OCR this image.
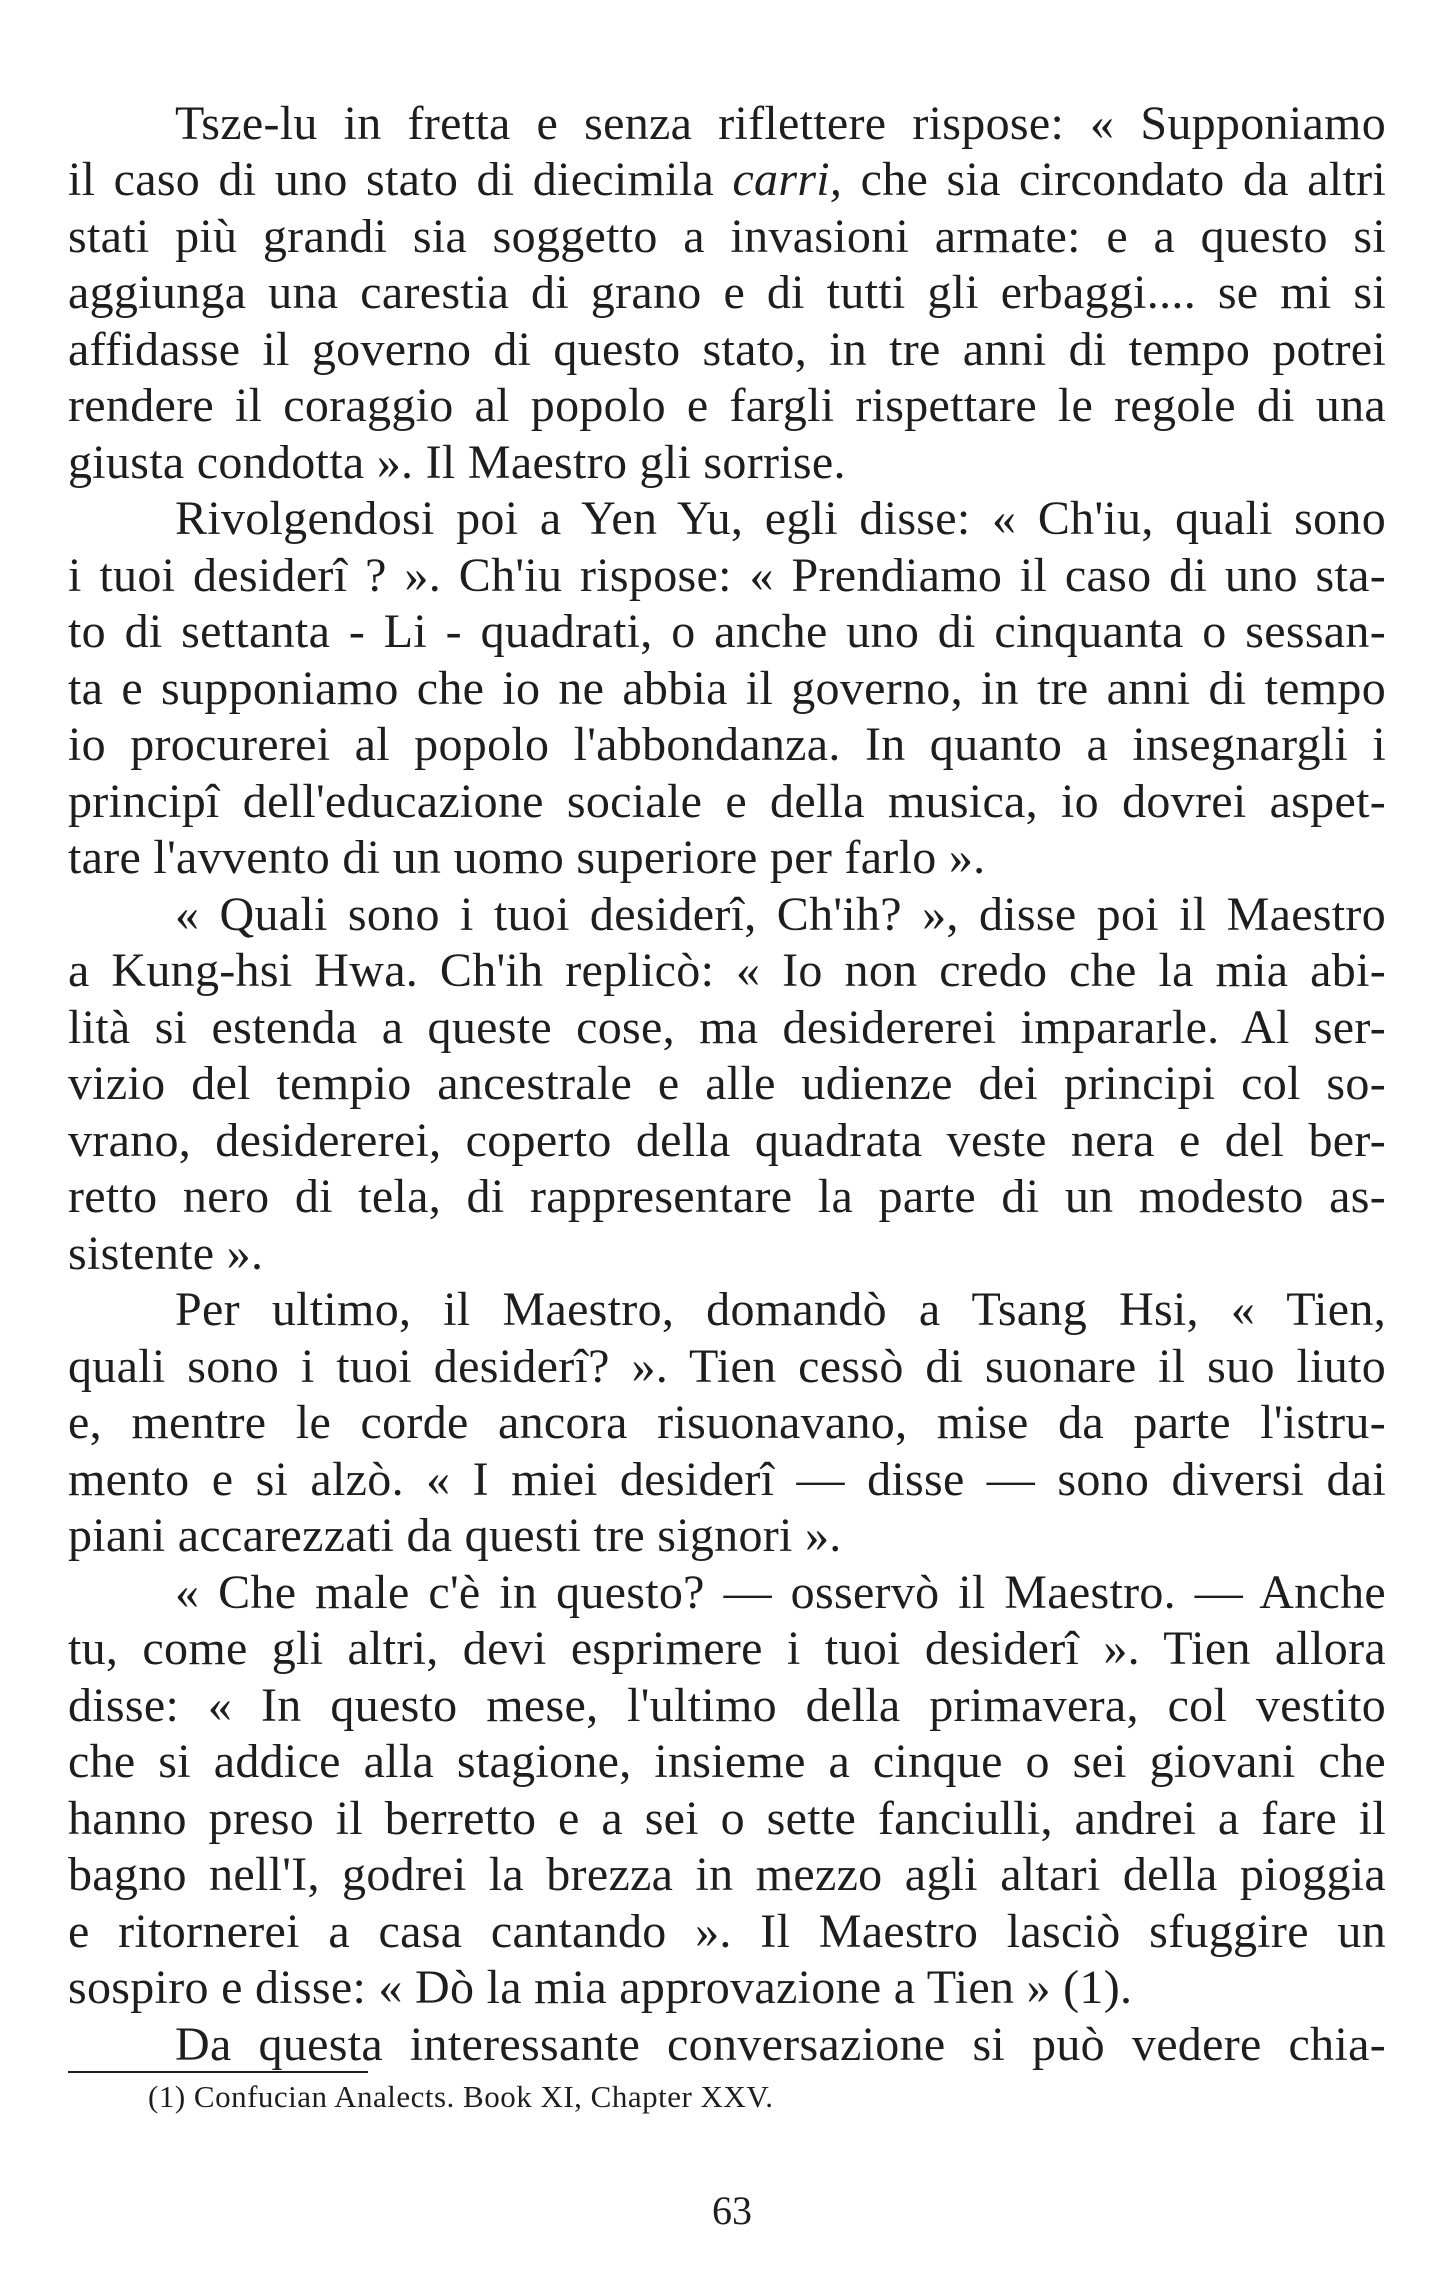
Tsze-lu in fretta e senza riflettere rispose: « Supponiamo
il caso di uno stato di diecimila carri, che sia circondato da altri
stati più grandi sia soggetto a invasioni armate: e a questo si
aggiunga una carestia di grano e di tutti gli erbaggi.... se mi si
affidasse il governo di questo stato, in tre anni di tempo potrei
rendere il coraggio al popolo e fargli rispettare le regole di una
giusta condotta ». Il Maestro gli sorrise.
Rivolgendosi poi a Yen Yu, egli disse: « Ch'iu, quali sono
i tuoi desiderî ? ». Ch'iu rispose: « Prendiamo il caso di uno sta-
to di settanta - Li - quadrati, o anche uno di cinquanta o sessan-
ta e supponiamo che io ne abbia il governo, in tre anni di tempo
io procurerei al popolo l'abbondanza. In quanto a insegnargli i
principî dell'educazione sociale e della musica, io dovrei aspet-
tare l'avvento di un uomo superiore per farlo ».
« Quali sono i tuoi desiderî, Ch'ih? », disse poi il Maestro
a Kung-hsi Hwa. Ch'ih replicò: « Io non credo che la mia abi-
lità si estenda a queste cose, ma desidererei impararle. Al ser-
vizio del tempio ancestrale e alle udienze dei principi col so-
vrano, desidererei, coperto della quadrata veste nera e del ber-
retto nero di tela, di rappresentare la parte di un modesto as-
sistente ».
Per ultimo, il Maestro, domandò a Tsang Hsi, « Tien,
quali sono i tuoi desiderî? ». Tien cessò di suonare il suo liuto
e, mentre le corde ancora risuonavano, mise da parte l'istru-
mento e si alzò. « I miei desiderî — disse — sono diversi dai
piani accarezzati da questi tre signori ».
« Che male c'è in questo? — osservò il Maestro. — Anche
tu, come gli altri, devi esprimere i tuoi desiderî ». Tien allora
disse: « In questo mese, l'ultimo della primavera, col vestito
che si addice alla stagione, insieme a cinque o sei giovani che
hanno preso il berretto e a sei o sette fanciulli, andrei a fare il
bagno nell'I, godrei la brezza in mezzo agli altari della pioggia
e ritornerei a casa cantando ». Il Maestro lasciò sfuggire un
sospiro e disse: « Dò la mia approvazione a Tien » (1).
Da questa interessante conversazione si può vedere chia-
(1) Confucian Analects. Book XI, Chapter XXV.
63
